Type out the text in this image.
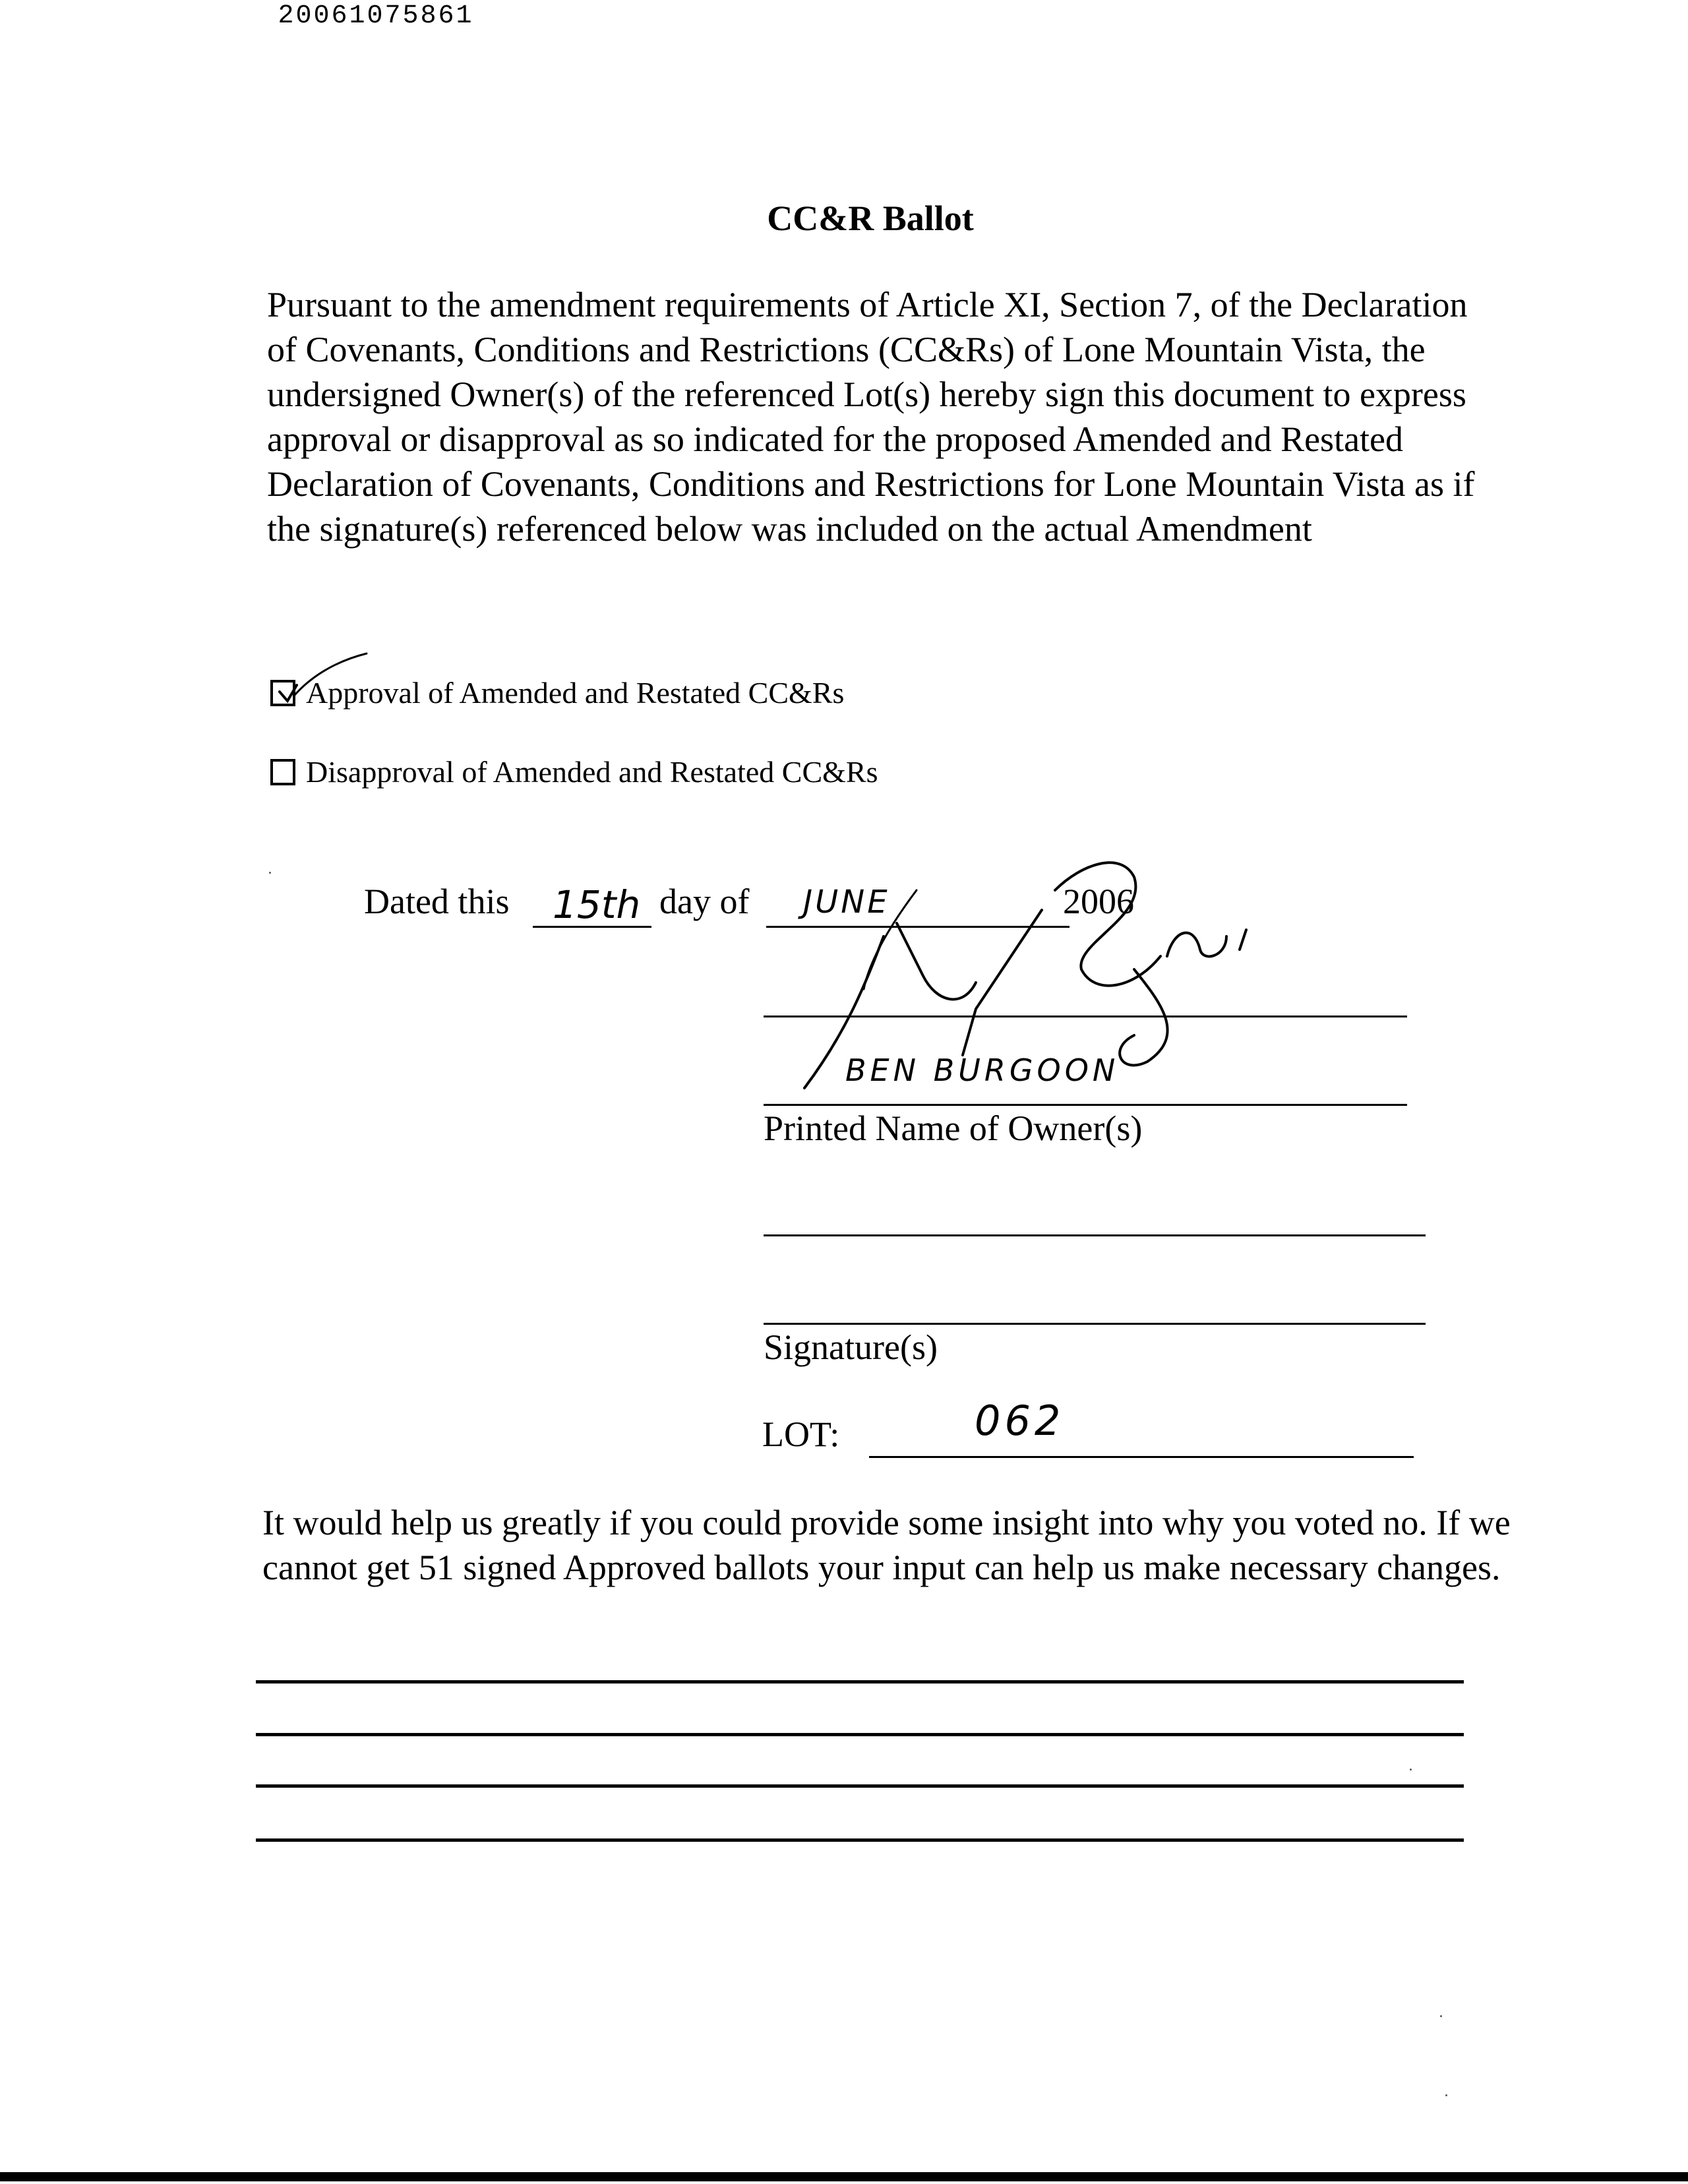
20061075861
CC&R Ballot

Pursuant to the amendment requirements of Article XI, Section 7, of the Declaration of Covenants, Conditions and Restrictions (CC&Rs) of Lone Mountain Vista, the undersigned Owner(s) of the referenced Lot(s) hereby sign this document to express approval or disapproval as so indicated for the proposed Amended and Restated Declaration of Covenants, Conditions and Restrictions for Lone Mountain Vista as if the signature(s) referenced below was included on the actual Amendment

Approval of Amended and Restated CC&Rs
Disapproval of Amended and Restated CC&Rs
Dated this 15th day of JUNE	2006
BEN BURGOON
Printed Name of Owner(s)
Signature(s)
LOT:	062

It would help us greatly if you could provide some insight into why you voted no. If we cannot get 51 signed Approved ballots your input can help us make necessary changes.
